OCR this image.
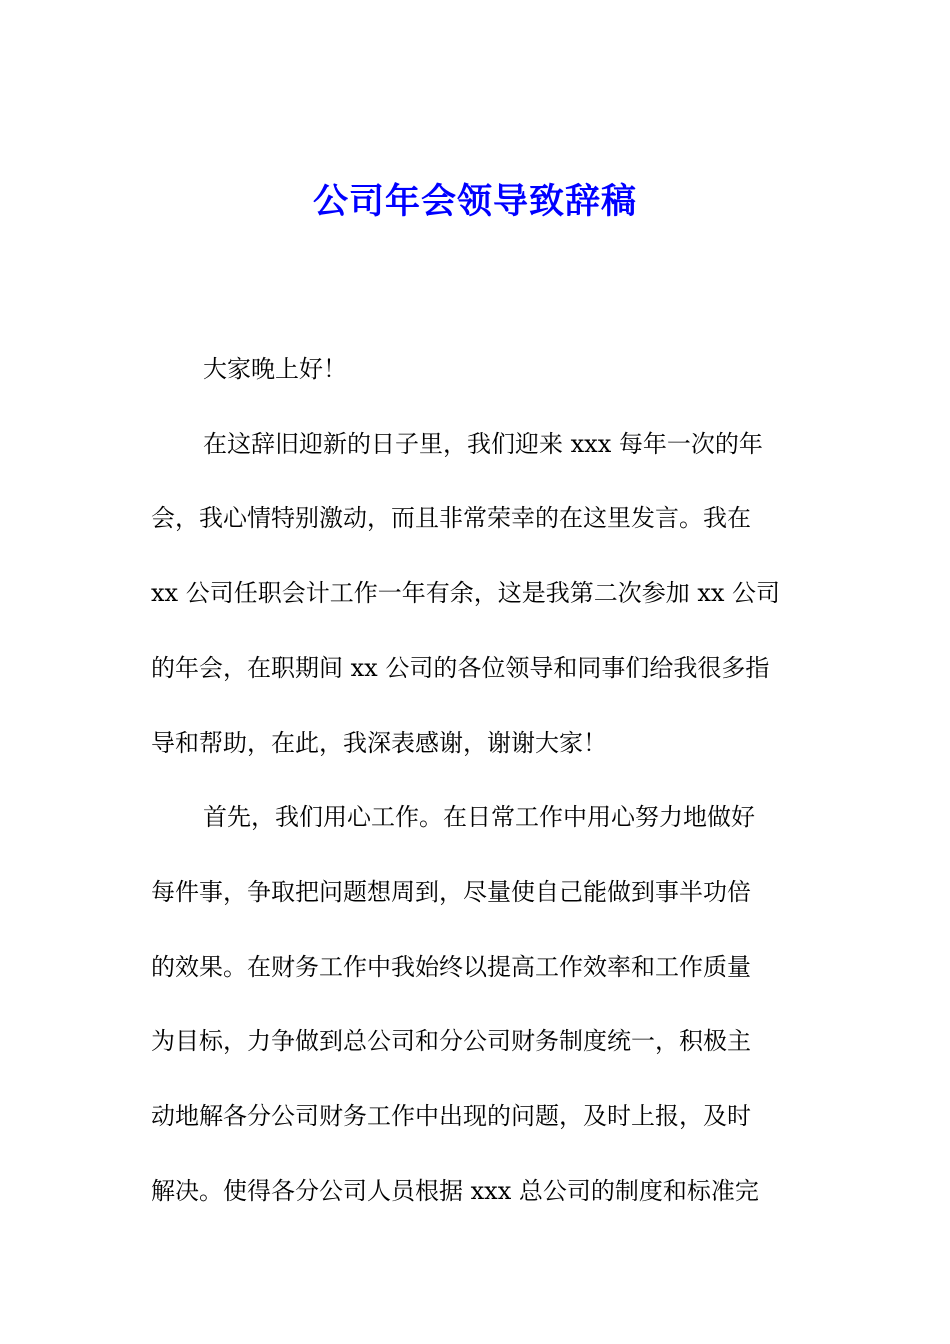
公司年会领导致辞稿
大家晚上好！
在这辞旧迎新的日子里，我们迎来 xxx 每年一次的年
会，我心情特别激动，而且非常荣幸的在这里发言。我在
xx 公司任职会计工作一年有余，这是我第二次参加 xx 公司
的年会，在职期间 xx 公司的各位领导和同事们给我很多指
导和帮助，在此，我深表感谢，谢谢大家！
首先，我们用心工作。在日常工作中用心努力地做好
每件事，争取把问题想周到，尽量使自己能做到事半功倍
的效果。在财务工作中我始终以提高工作效率和工作质量
为目标，力争做到总公司和分公司财务制度统一，积极主
动地解各分公司财务工作中出现的问题，及时上报，及时
解决。使得各分公司人员根据 xxx 总公司的制度和标准完
